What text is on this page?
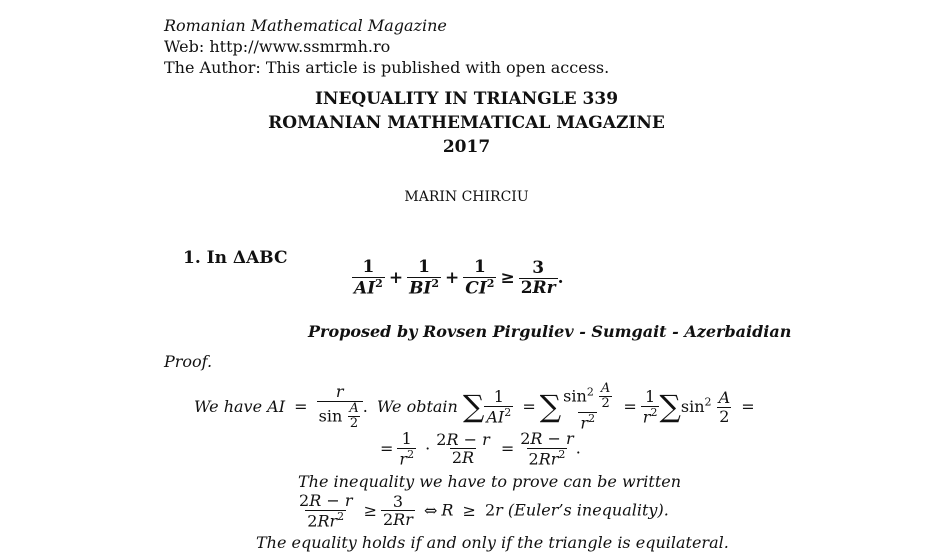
Romanian Mathematical Magazine
Web: http://www.ssmrmh.ro
The Author: This article is published with open access.
INEQUALITY IN TRIANGLE 339
ROMANIAN MATHEMATICAL MAGAZINE
2017
MARIN CHIRCIU
1. In ΔABC	$\frac{1}{AI^2} + \frac{1}{BI^2} + \frac{1}{CI^2} \ge \frac{3}{2Rr}$ .
Proposed by Rovsen Pirguliev - Sumgait - Azerbaidian
Proof.
We have AI = $\frac{r}{\sin \frac{A}{2}}$ . We obtain ∑ $\frac{1}{AI^2}$ = ∑ $\frac{\sin^2 \frac{A}{2}}{r^2} = \frac{1}{r^2} \sum\sin^2 \frac{A}{2}$ =
= $\frac{1}{r^2} \cdot \frac{2R - r}{2R} = \frac{2R - r}{2Rr^2}$ .
The inequality we have to prove can be written
$\frac{2R - r}{2Rr^2} \ge \frac{3}{2Rr}$ ⇔ R ≥ 2r (Euler’s inequality).
The equality holds if and only if the triangle is equilateral.
